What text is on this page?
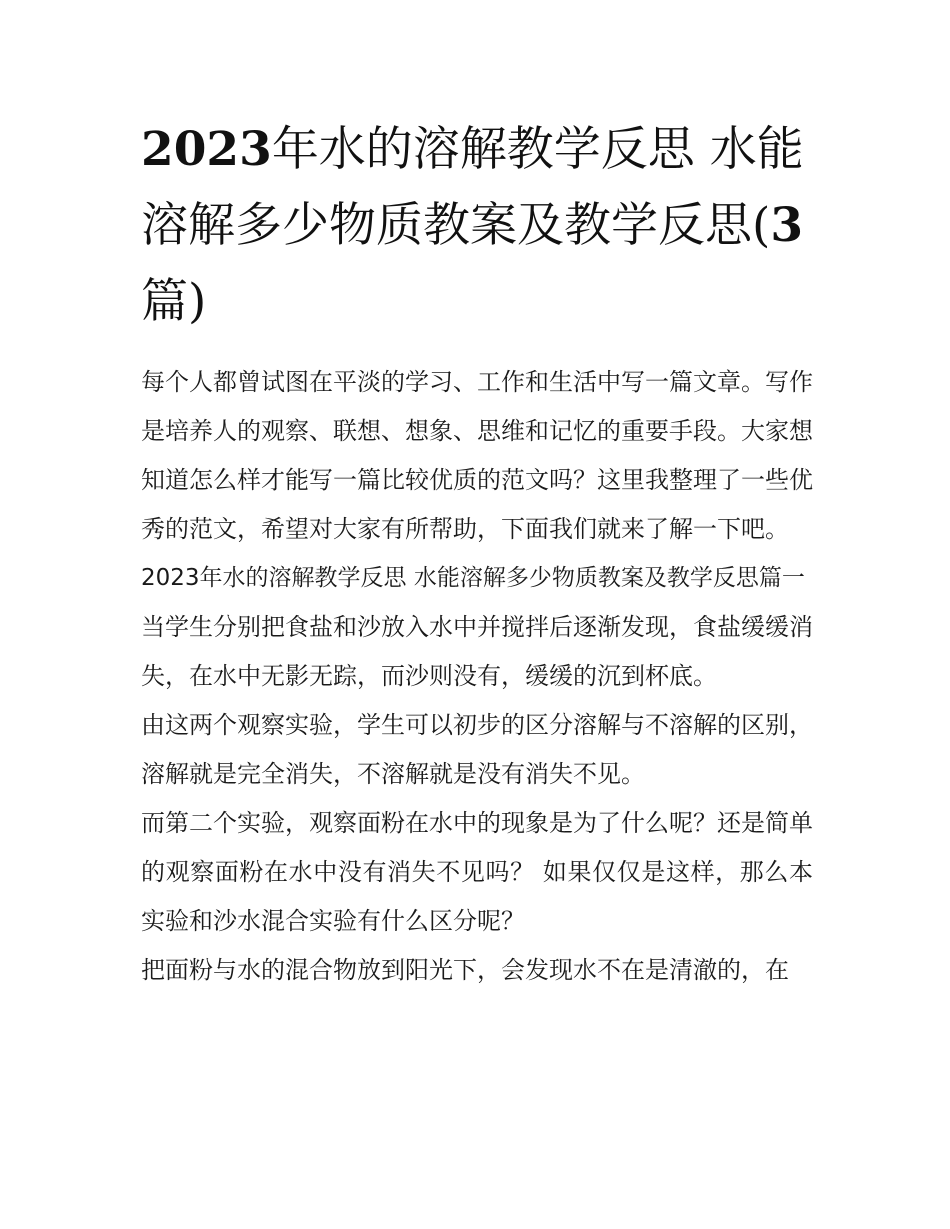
2023年水的溶解教学反思 水能溶解多少物质教案及教学反思(3篇)

每个人都曾试图在平淡的学习、工作和生活中写一篇文章。写作是培养人的观察、联想、想象、思维和记忆的重要手段。大家想知道怎么样才能写一篇比较优质的范文吗？这里我整理了一些优秀的范文，希望对大家有所帮助，下面我们就来了解一下吧。

2023年水的溶解教学反思 水能溶解多少物质教案及教学反思篇一

当学生分别把食盐和沙放入水中并搅拌后逐渐发现，食盐缓缓消失，在水中无影无踪，而沙则没有，缓缓的沉到杯底。

由这两个观察实验，学生可以初步的区分溶解与不溶解的区别，溶解就是完全消失，不溶解就是没有消失不见。

而第二个实验，观察面粉在水中的现象是为了什么呢？还是简单的观察面粉在水中没有消失不见吗？ 如果仅仅是这样，那么本实验和沙水混合实验有什么区分呢？

把面粉与水的混合物放到阳光下，会发现水不在是清澈的，在
